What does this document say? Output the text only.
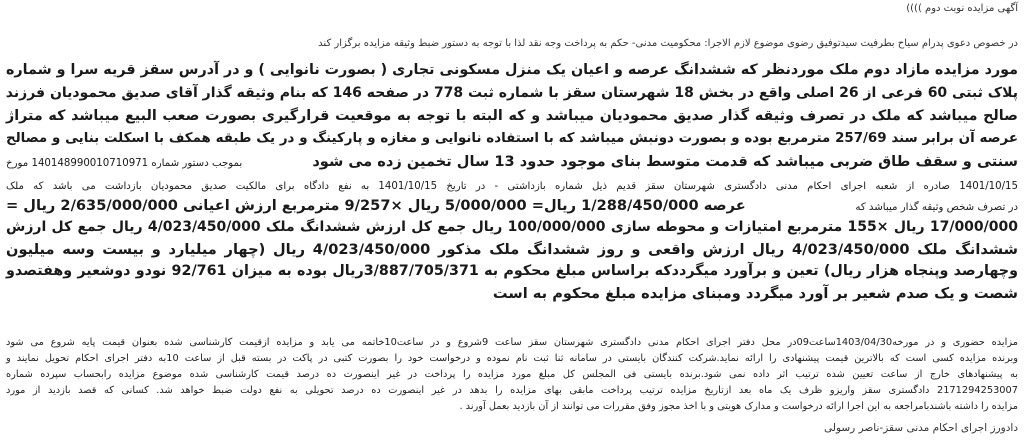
آگهی مزایده نوبت دوم ))))
در خصوص دعوی پدرام سیاح بطرفیت سیدتوفیق رضوی موضوع لازم الاجرا: محکومیت مدنی- حکم به پرداخت وجه نقد لذا با توجه به دستور ضبط وثیقه مزایده برگزار کند
مورد مزایده مازاد دوم ملک موردنظر که ششدانگ عرصه و اعیان یک منزل مسکونی تجاری ( بصورت نانوایی ) و در آدرس سقز قریه سرا و شماره
پلاک ثبتی 60 فرعی از 26 اصلی واقع در بخش 18 شهرستان سقز با شماره ثبت 778 در صفحه 146 که بنام وثیقه گذار آقای صدیق محمودیان فرزند
صالح میباشد که ملک در تصرف وثیقه گذار صدیق محمودیان میباشد و که البته با توجه به موقعیت قرارگیری بصورت صعب البیع میباشد که متراژ
عرصه آن برابر سند 257/69 مترمربع بوده و بصورت دونبش میباشد که با استفاده نانوایی و مغازه و پارکینگ و در یک طبقه همکف با اسکلت بنایی و مصالح
سنتی و سقف طاق ضربی میباشد که قدمت متوسط بنای موجود حدود 13 سال تخمین زده می شود
بموجب دستور شماره 140148990010710971 مورخ
1401/10/15 صادره از شعبه اجرای احکام مدنی دادگستری شهرستان سقز قدیم ذیل شماره بازداشتی - در تاریخ 1401/10/15 به نفع دادگاه برای مالکیت صدیق محمودیان بازداشت می باشد که ملک
در تصرف شخص وثیقه گذار میباشد که
عرصه 1/288/450/000 ریال= 5/000/000 ریال ×9/257 مترمربع ارزش اعیانی 2/635/000/000 ریال =
17/000/000 ریال ×155 مترمربع امتیازات و محوطه سازی 100/000/000 ریال جمع کل ارزش ششدانگ ملک 4/023/450/000 ریال جمع کل ارزش
ششدانگ ملک 4/023/450/000 ریال ارزش واقعی و روز ششدانگ ملک مذکور 4/023/450/000 ریال (چهار میلیارد و بیست وسه میلیون
وچهارصد وپنجاه هزار ریال) تعین و برآورد میگرددکه براساس مبلغ محکوم به 3/887/705/371ریال بوده به میزان 92/761 نودو دوشعیر وهفتصدو
شصت و یک صدم شعیر بر آورد میگردد ومبنای مزایده مبلغ محکوم به است
مزایده حضوری و در مورخه1403/04/30ساعت09در محل دفتر اجرای احکام مدنی دادگستری شهرستان سقز ساعت 9شروع و در ساعت10خاتمه می یابد و مزایده ازقیمت کارشناسی شده بعنوان قیمت پایه شروع می شود
وبرنده مزایده کسی است که بالاترین قیمت پیشنهادی را ارائه نماید.شرکت کنندگان بایستی در سامانه ثنا ثبت نام نموده و درخواست خود را بصورت کتبی در پاکت در بسته قبل از ساعت 10به دفتر اجرای احکام تحویل نمایند و
به پیشنهادهای خارج از ساعت تعیین شده ترتیب اثر داده نمی شود.برنده بایستی فی المجلس کل مبلغ مورد مزایده را پرداخت در غیر اینصورت ده درصد قیمت کارشناسی شده موضوع مزایده رابحساب سپرده شماره
2171294253007 دادگستری سقز واریزو ظرف یک ماه بعد ازتاریخ مزایده ترتیب پرداخت مابقی بهای مزایده را بدهد در غیر اینصورت ده درصد تحویلی به نفع دولت ضبط خواهد شد. کسانی که قصد بازدید از مورد
مزایده را داشته باشندبامراجعه به این اجرا ارائه درخواست و مدارک هویتی و با اخذ مجوز وفق مقررات می توانند از آن بازدید بعمل آورند .
دادورز اجرای احکام مدنی سقز-ناصر رسولی
